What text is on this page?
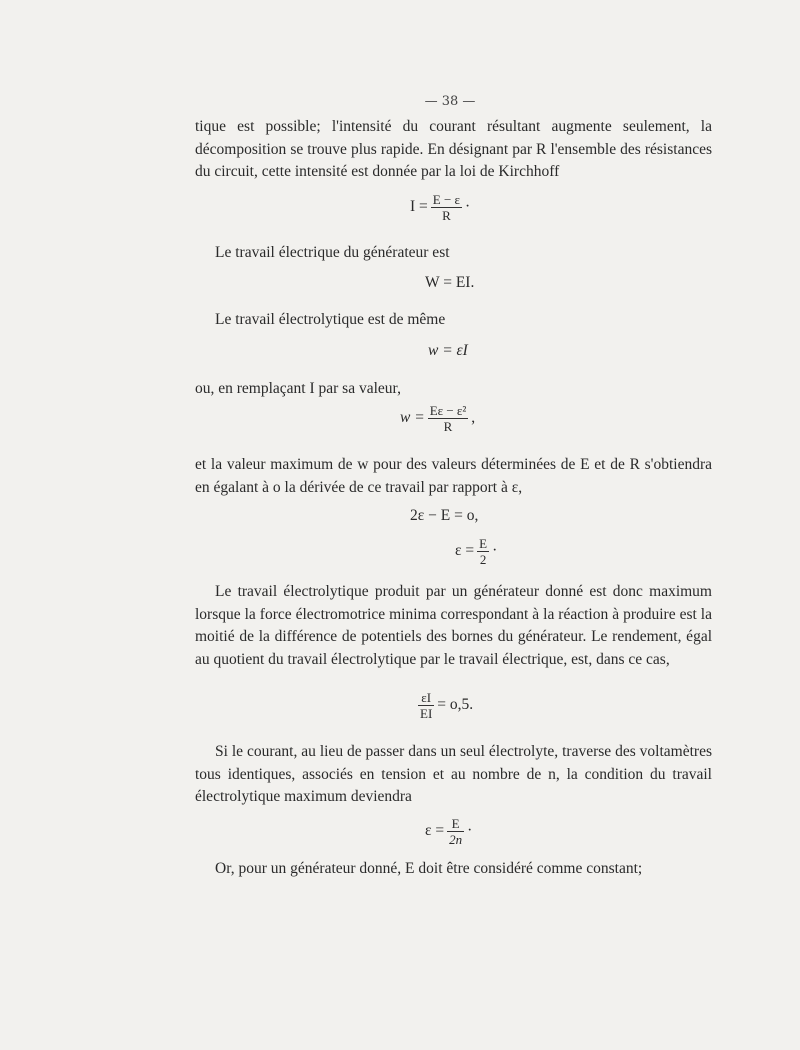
— 38 —
tique est possible; l'intensité du courant résultant augmente seulement, la décomposition se trouve plus rapide. En désignant par R l'ensemble des résistances du circuit, cette intensité est donnée par la loi de Kirchhoff
$I = \frac{E - \varepsilon}{R}$ ·
Le travail électrique du générateur est
W = EI.
Le travail électrolytique est de même
w = εI
ou, en remplaçant I par sa valeur,
$w = \frac{\text{Eε − ε²}}{R}$ ,
et la valeur maximum de w pour des valeurs déterminées de E et de R s'obtiendra en égalant à o la dérivée de ce travail par rapport à ε,
2ε − E = o,
$\varepsilon = \frac{E}{2}$ ·
Le travail électrolytique produit par un générateur donné est donc maximum lorsque la force électromotrice minima correspondant à la réaction à produire est la moitié de la différence de potentiels des bornes du générateur. Le rendement, égal au quotient du travail électrolytique par le travail électrique, est, dans ce cas,
$\frac{\varepsilon I}{EI} = o,5$.
Si le courant, au lieu de passer dans un seul électrolyte, traverse des voltamètres tous identiques, associés en tension et au nombre de n, la condition du travail électrolytique maximum deviendra
$\varepsilon = \frac{E}{2n}$ ·
Or, pour un générateur donné, E doit être considéré comme constant;
